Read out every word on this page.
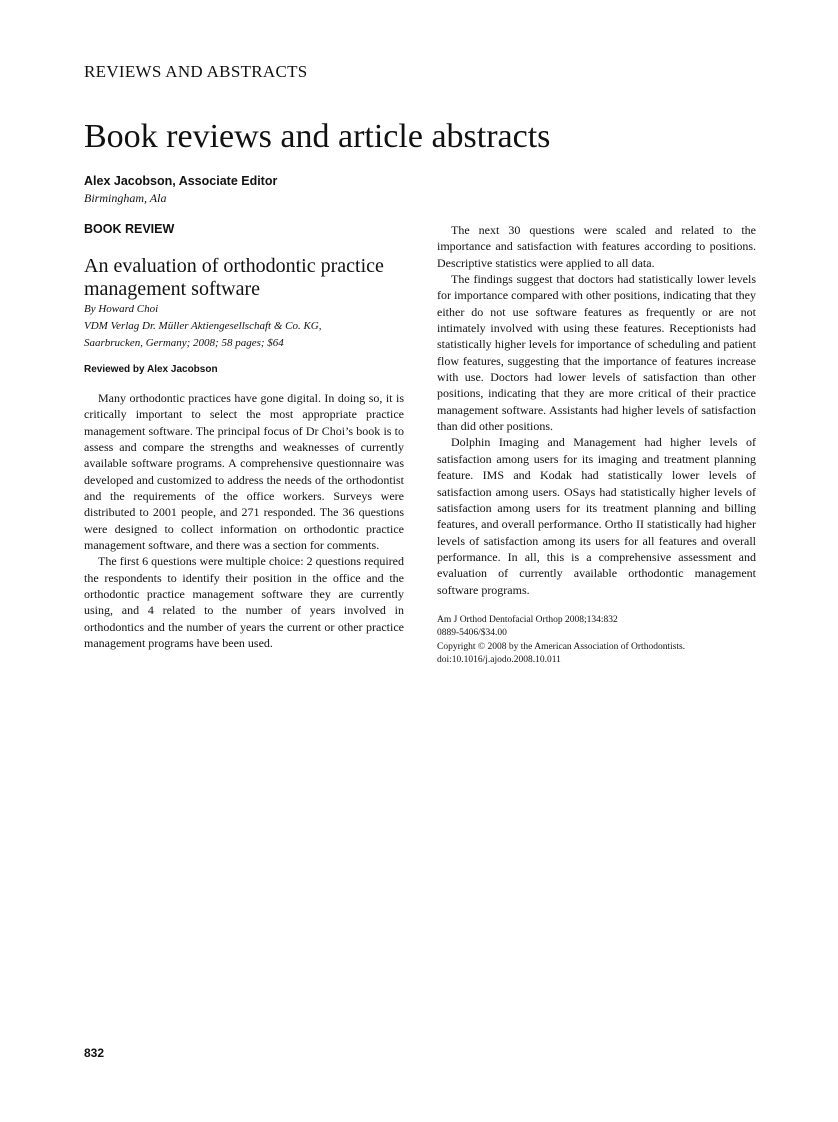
REVIEWS AND ABSTRACTS
Book reviews and article abstracts
Alex Jacobson, Associate Editor
Birmingham, Ala
BOOK REVIEW
An evaluation of orthodontic practice management software
By Howard Choi
VDM Verlag Dr. Müller Aktiengesellschaft & Co. KG,
Saarbrucken, Germany; 2008; 58 pages; $64
Reviewed by Alex Jacobson

Many orthodontic practices have gone digital. In doing so, it is critically important to select the most appropriate practice management software. The principal focus of Dr Choi’s book is to assess and compare the strengths and weaknesses of currently available software programs. A comprehensive questionnaire was developed and customized to address the needs of the orthodontist and the requirements of the office workers. Surveys were distributed to 2001 people, and 271 responded. The 36 questions were designed to collect information on orthodontic practice management software, and there was a section for comments.

The first 6 questions were multiple choice: 2 questions required the respondents to identify their position in the office and the orthodontic practice management software they are currently using, and 4 related to the number of years involved in orthodontics and the number of years the current or other practice management programs have been used.

The next 30 questions were scaled and related to the importance and satisfaction with features according to positions. Descriptive statistics were applied to all data.

The findings suggest that doctors had statistically lower levels for importance compared with other positions, indicating that they either do not use software features as frequently or are not intimately involved with using these features. Receptionists had statistically higher levels for importance of scheduling and patient flow features, suggesting that the importance of features increase with use. Doctors had lower levels of satisfaction than other positions, indicating that they are more critical of their practice management software. Assistants had higher levels of satisfaction than did other positions.

Dolphin Imaging and Management had higher levels of satisfaction among users for its imaging and treatment planning feature. IMS and Kodak had statistically lower levels of satisfaction among users. OSays had statistically higher levels of satisfaction among users for its treatment planning and billing features, and overall performance. Ortho II statistically had higher levels of satisfaction among its users for all features and overall performance. In all, this is a comprehensive assessment and evaluation of currently available orthodontic management software programs.

Am J Orthod Dentofacial Orthop 2008;134:832
0889-5406/$34.00
Copyright © 2008 by the American Association of Orthodontists.
doi:10.1016/j.ajodo.2008.10.011
832
